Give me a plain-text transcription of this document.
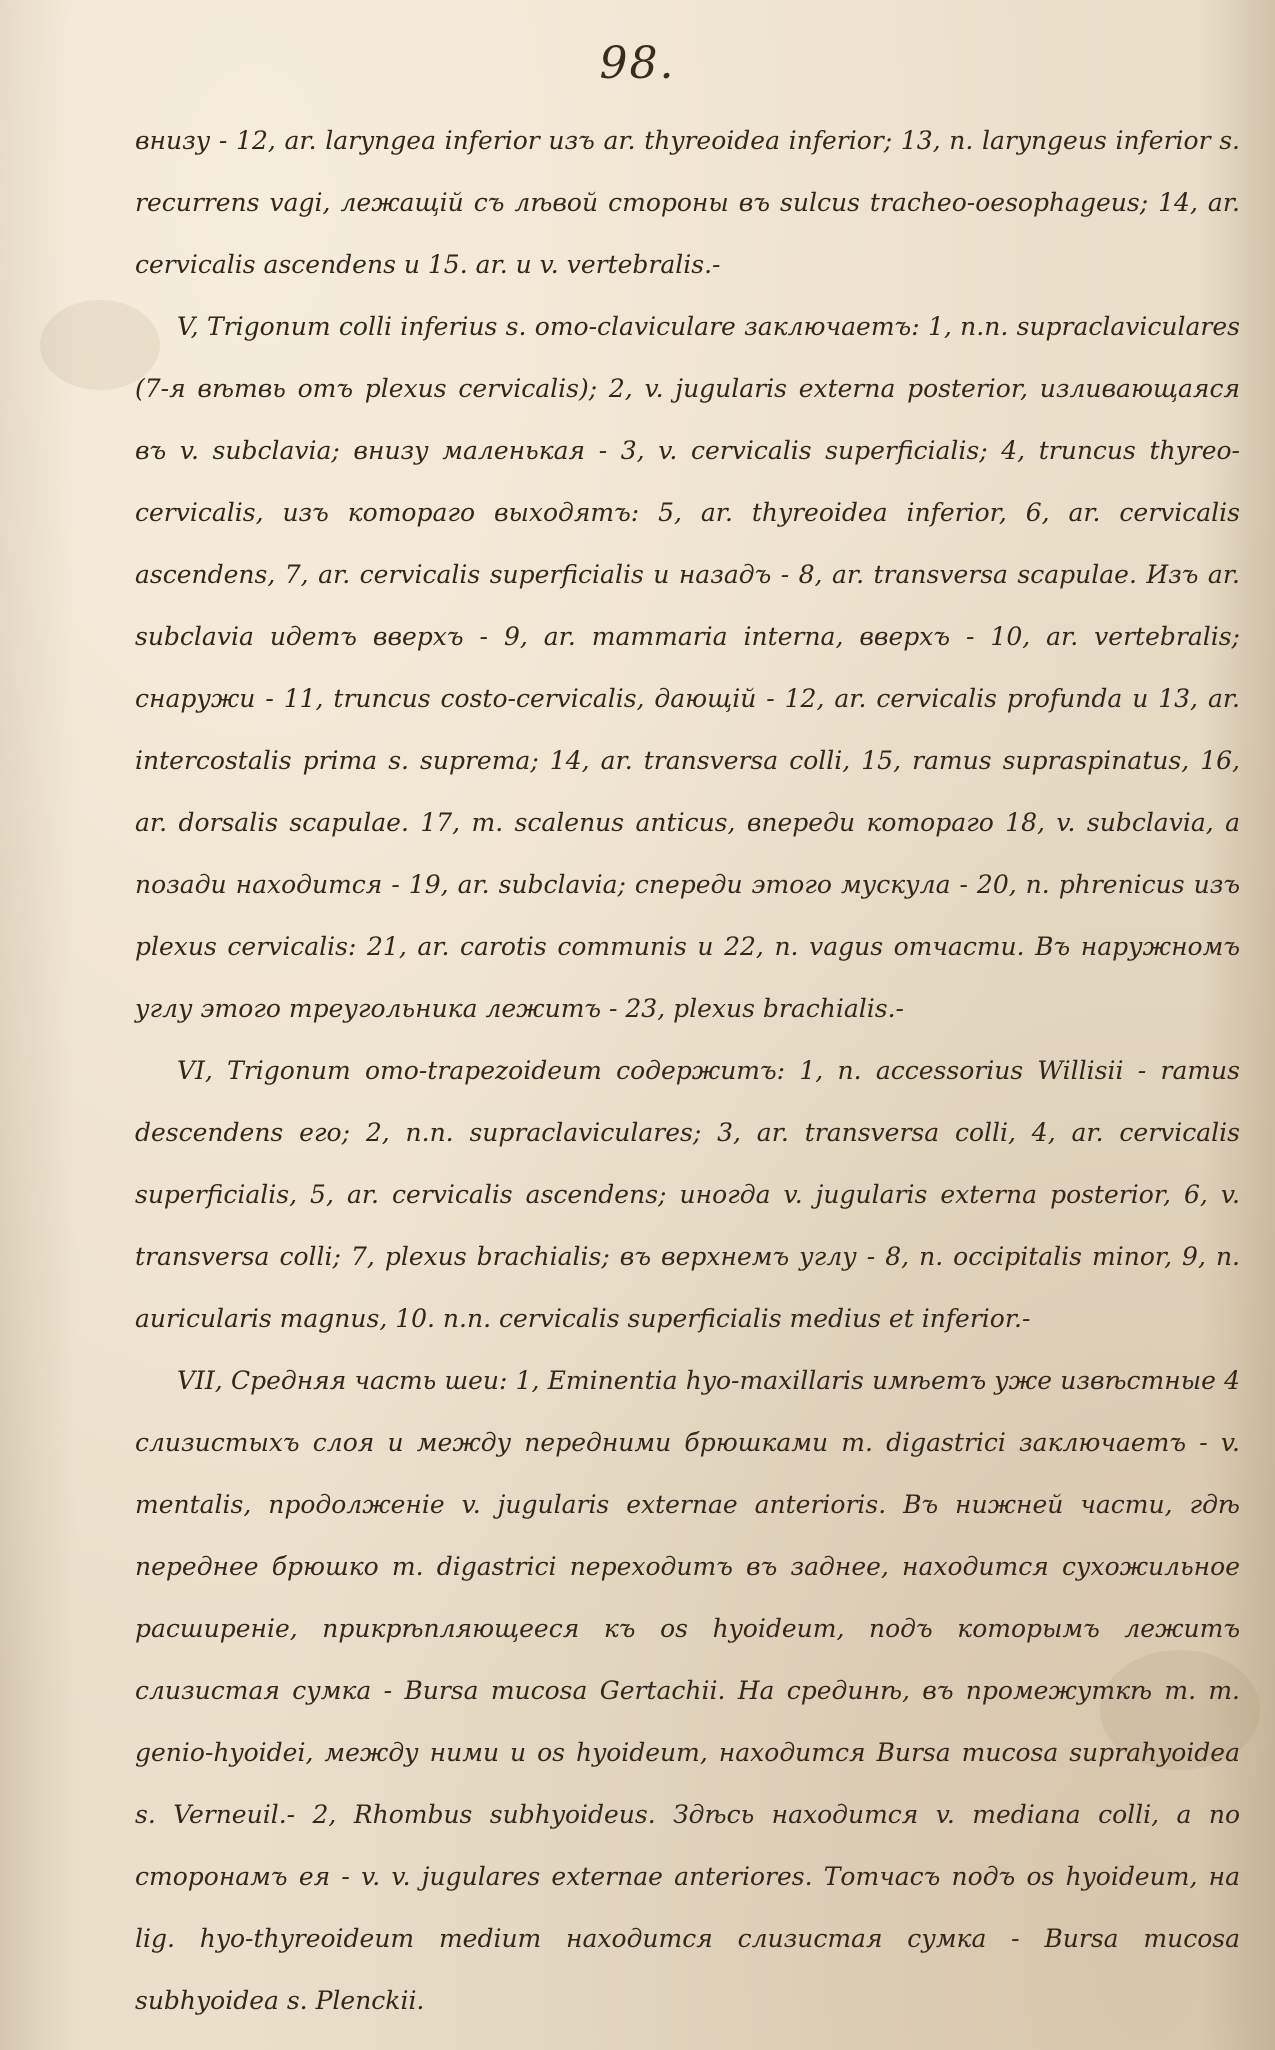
98.

внизу - 12, ar. laryngea inferior изъ ar. thyreoidea inferior; 13, n. laryngeus inferior s. recurrens vagi, лежащій съ лѣвой стороны въ sulcus tracheo-oesophageus; 14, ar. cervicalis ascendens и 15. ar. и v. vertebralis.-

V, Trigonum colli inferius s. omo-claviculare заключаетъ: 1, n.n. supraclaviculares (7-я вѣтвь отъ plexus cervicalis); 2, v. jugularis externa posterior, изливающаяся въ v. subclavia; внизу маленькая - 3, v. cervicalis superficialis; 4, truncus thyreo-cervicalis, изъ котораго выходятъ: 5, ar. thyreoidea inferior, 6, ar. cervicalis ascendens, 7, ar. cervicalis superficialis и назадъ - 8, ar. transversa scapulae. Изъ ar. subclavia идетъ вверхъ - 9, ar. mammaria interna, вверхъ - 10, ar. vertebralis; снаружи - 11, truncus costo-cervicalis, дающій - 12, ar. cervicalis profunda и 13, ar. intercostalis prima s. suprema; 14, ar. transversa colli, 15, ramus supraspinatus, 16, ar. dorsalis scapulae. 17, m. scalenus anticus, впереди котораго 18, v. subclavia, а позади находится - 19, ar. subclavia; спереди этого мускула - 20, n. phrenicus изъ plexus cervicalis: 21, ar. carotis communis и 22, n. vagus отчасти. Въ наружномъ углу этого треугольника лежитъ - 23, plexus brachialis.-

VI, Trigonum omo-trapezoideum содержитъ: 1, n. accessorius Willisii - ramus descendens его; 2, n.n. supraclaviculares; 3, ar. transversa colli, 4, ar. cervicalis superficialis, 5, ar. cervicalis ascendens; иногда v. jugularis externa posterior, 6, v. transversa colli; 7, plexus brachialis; въ верхнемъ углу - 8, n. occipitalis minor, 9, n. auricularis magnus, 10. n.n. cervicalis superficialis medius et inferior.-

VII, Средняя часть шеи: 1, Eminentia hyo-maxillaris имѣетъ уже извѣстные 4 слизистыхъ слоя и между передними брюшками m. digastrici заключаетъ - v. mentalis, продолженіе v. jugularis externae anterioris. Въ нижней части, гдѣ переднее брюшко m. digastrici переходитъ въ заднее, находится сухожильное расширеніе, прикрѣпляющееся къ os hyoideum, подъ которымъ лежитъ слизистая сумка - Bursa mucosa Gertachii. На срединѣ, въ промежуткѣ m. m. genio-hyoidei, между ними и os hyoideum, находится Bursa mucosa suprahyoidea s. Verneuil.- 2, Rhombus subhyoideus. Здѣсь находится v. mediana colli, а по сторонамъ ея - v. v. jugulares externae anteriores. Тотчасъ подъ os hyoideum, на lig. hyo-thyreoideum medium находится слизистая сумка - Bursa mucosa subhyoidea s. Plenckii.
